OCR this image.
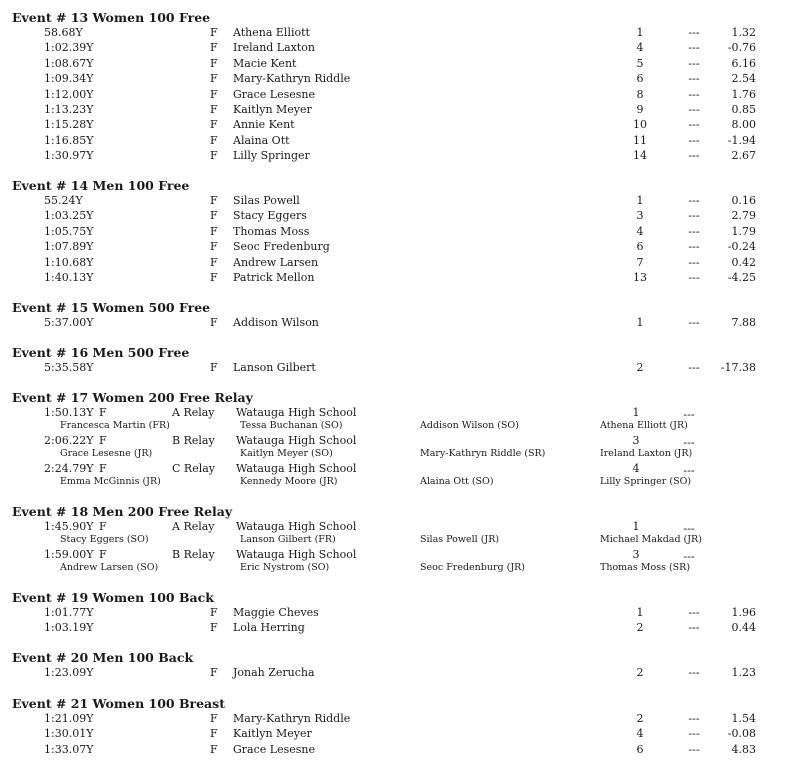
Event # 13 Women 100 Free
58.68Y	F Athena Elliott	1	---	1.32
1:02.39Y	F Ireland Laxton	4	---	-0.76
1:08.67Y	F Macie Kent	5	---	6.16
1:09.34Y	F Mary-Kathryn Riddle	6	---	2.54
1:12.00Y	F Grace Lesesne	8	---	1.76
1:13.23Y	F Kaitlyn Meyer	9	---	0.85
1:15.28Y	F Annie Kent	10	---	8.00
1:16.85Y	F Alaina Ott	11	---	-1.94
1:30.97Y	F Lilly Springer	14	---	2.67
Event # 14 Men 100 Free
55.24Y	F Silas Powell	1	---	0.16
1:03.25Y	F Stacy Eggers	3	---	2.79
1:05.75Y	F Thomas Moss	4	---	1.79
1:07.89Y	F Seoc Fredenburg	6	---	-0.24
1:10.68Y	F Andrew Larsen	7	---	0.42
1:40.13Y	F Patrick Mellon	13	---	-4.25
Event # 15 Women 500 Free
5:37.00Y	F Addison Wilson	1	---	7.88
Event # 16 Men 500 Free
5:35.58Y	F Lanson Gilbert	2	---	-17.38
Event # 17 Women 200 Free Relay
1:50.13Y F	A Relay Watauga High School	1	---
Francesca Martin (FR)	Tessa Buchanan (SO)	Addison Wilson (SO)	Athena Elliott (JR)
2:06.22Y F	B Relay Watauga High School	3	---
Grace Lesesne (JR)	Kaitlyn Meyer (SO)	Mary-Kathryn Riddle (SR)	Ireland Laxton (JR)
2:24.79Y F	C Relay Watauga High School	4	---
Emma McGinnis (JR)	Kennedy Moore (JR)	Alaina Ott (SO)	Lilly Springer (SO)
Event # 18 Men 200 Free Relay
1:45.90Y F	A Relay Watauga High School	1	---
Stacy Eggers (SO)	Lanson Gilbert (FR)	Silas Powell (JR)	Michael Makdad (JR)
1:59.00Y F	B Relay Watauga High School	3	---
Andrew Larsen (SO)	Eric Nystrom (SO)	Seoc Fredenburg (JR)	Thomas Moss (SR)
Event # 19 Women 100 Back
1:01.77Y	F Maggie Cheves	1	---	1.96
1:03.19Y	F Lola Herring	2	---	0.44
Event # 20 Men 100 Back
1:23.09Y	F Jonah Zerucha	2	---	1.23
Event # 21 Women 100 Breast
1:21.09Y	F Mary-Kathryn Riddle	2	---	1.54
1:30.01Y	F Kaitlyn Meyer	4	---	-0.08
1:33.07Y	F Grace Lesesne	6	---	4.83
